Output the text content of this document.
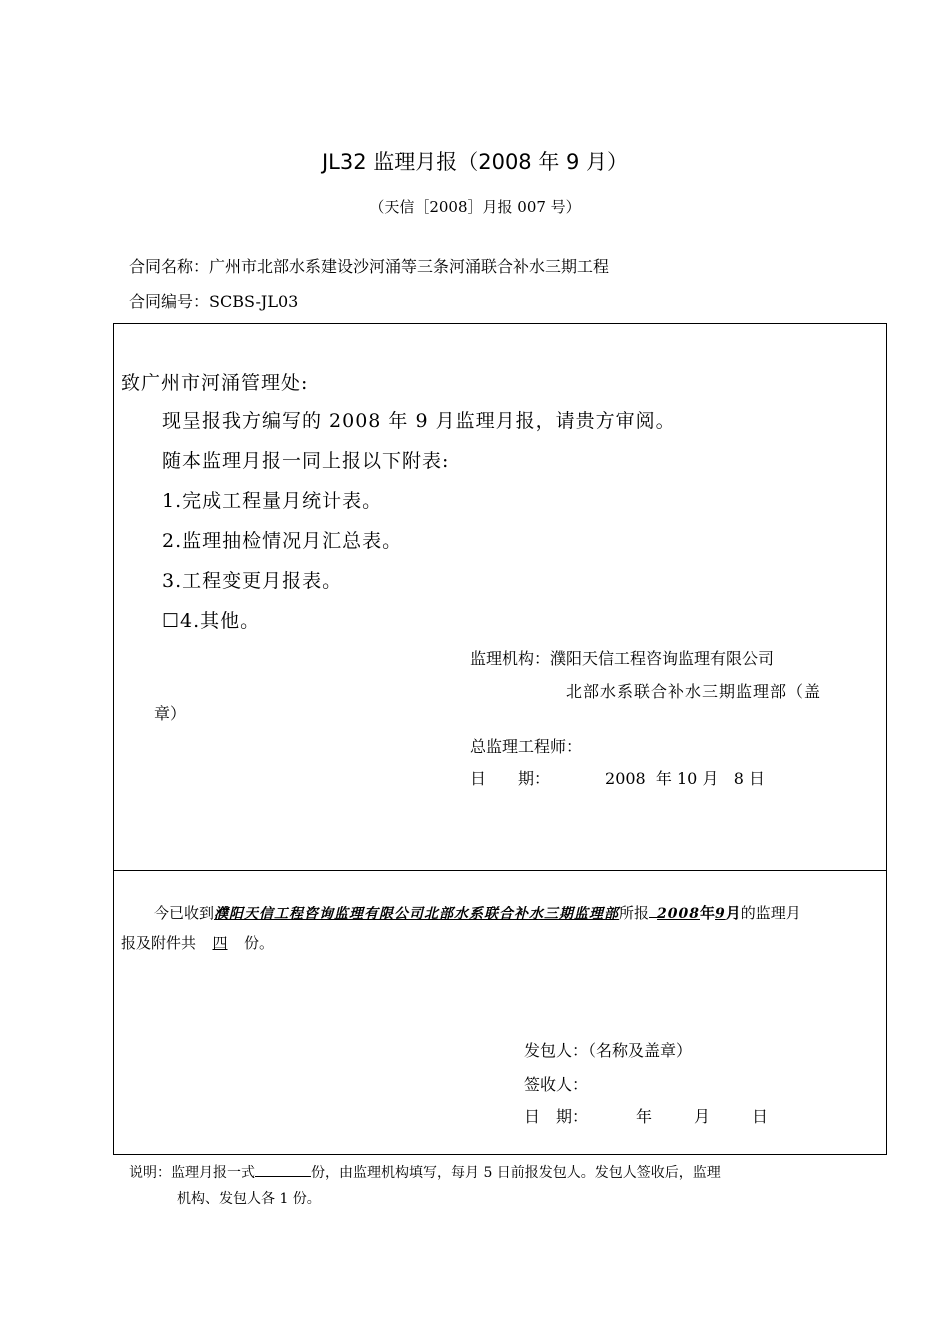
JL32 监理月报（2008 年 9 月）
（天信［2008］月报 007 号）
合同名称：广州市北部水系建设沙河涌等三条河涌联合补水三期工程
合同编号：SCBS-JL03
致广州市河涌管理处:
现呈报我方编写的 2008 年 9 月监理月报，请贵方审阅。
随本监理月报一同上报以下附表:
1.完成工程量月统计表。
2.监理抽检情况月汇总表。
3.工程变更月报表。
☐4.其他。
监理机构：濮阳天信工程咨询监理有限公司
北部水系联合补水三期监理部（盖
章）
总监理工程师：
日　　期：	2008  年 10 月   8 日
今已收到濮阳天信工程咨询监理有限公司北部水系联合补水三期监理部所报 2008年9月的监理月
报及附件共 四 份。
发包人：（名称及盖章）
签收人：
日　期：	年	月	日
说明：监理月报一式	份，由监理机构填写，每月 5 日前报发包人。发包人签收后，监理
机构、发包人各 1 份。
